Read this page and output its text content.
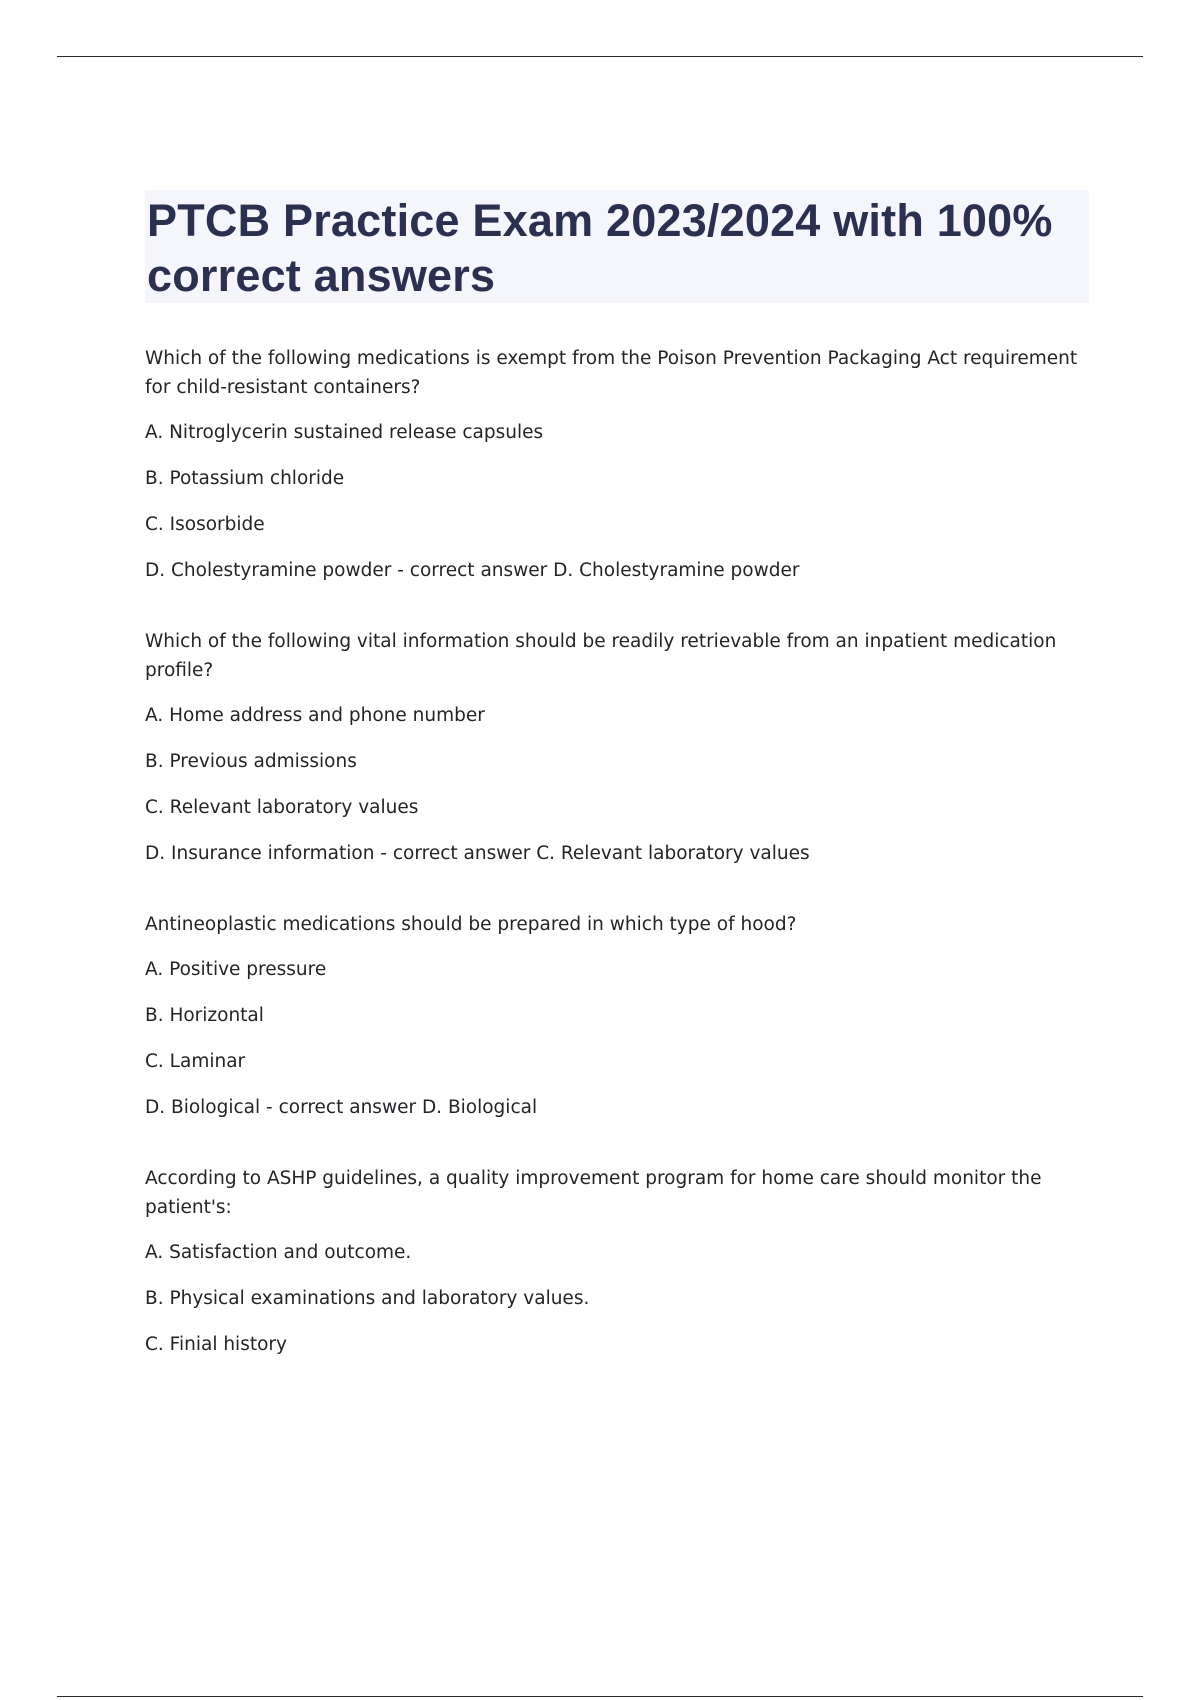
PTCB Practice Exam 2023/2024 with 100% correct answers

Which of the following medications is exempt from the Poison Prevention Packaging Act requirement for child-resistant containers?

A. Nitroglycerin sustained release capsules

B. Potassium chloride

C. Isosorbide

D. Cholestyramine powder - correct answer D. Cholestyramine powder

Which of the following vital information should be readily retrievable from an inpatient medication profile?

A. Home address and phone number

B. Previous admissions

C. Relevant laboratory values

D. Insurance information - correct answer C. Relevant laboratory values

Antineoplastic medications should be prepared in which type of hood?

A. Positive pressure

B. Horizontal

C. Laminar

D. Biological - correct answer D. Biological

According to ASHP guidelines, a quality improvement program for home care should monitor the patient's:

A. Satisfaction and outcome.

B. Physical examinations and laboratory values.

C. Finial history
